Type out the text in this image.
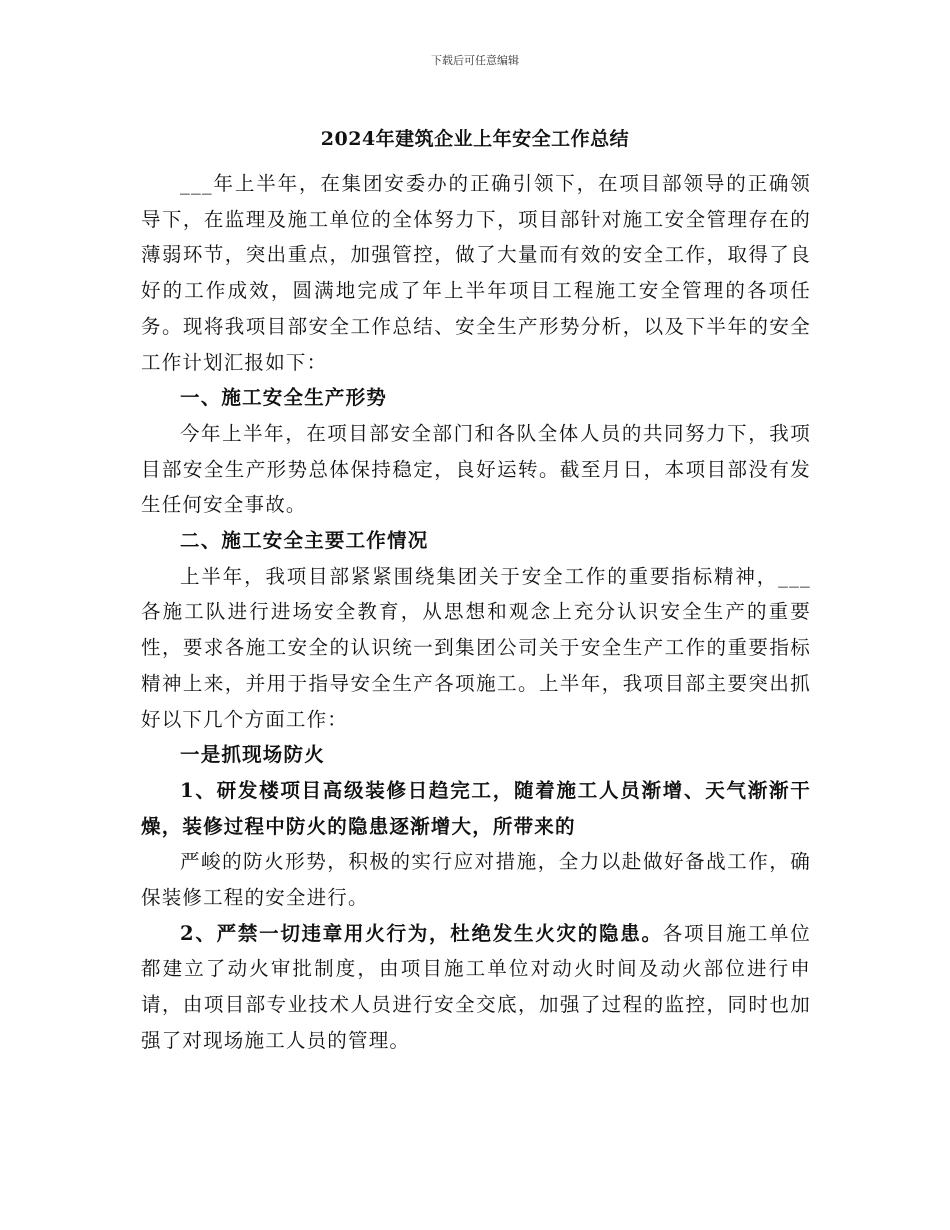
下载后可任意编辑
2024年建筑企业上年安全工作总结

___年上半年，在集团安委办的正确引领下，在项目部领导的正确领导下，在监理及施工单位的全体努力下，项目部针对施工安全管理存在的薄弱环节，突出重点，加强管控，做了大量而有效的安全工作，取得了良好的工作成效，圆满地完成了年上半年项目工程施工安全管理的各项任务。现将我项目部安全工作总结、安全生产形势分析，以及下半年的安全工作计划汇报如下：

一、施工安全生产形势

今年上半年，在项目部安全部门和各队全体人员的共同努力下，我项目部安全生产形势总体保持稳定，良好运转。截至月日，本项目部没有发生任何安全事故。

二、施工安全主要工作情况

上半年，我项目部紧紧围绕集团关于安全工作的重要指标精神，___各施工队进行进场安全教育，从思想和观念上充分认识安全生产的重要性，要求各施工安全的认识统一到集团公司关于安全生产工作的重要指标精神上来，并用于指导安全生产各项施工。上半年，我项目部主要突出抓好以下几个方面工作：

一是抓现场防火

1、研发楼项目高级装修日趋完工，随着施工人员渐增、天气渐渐干燥，装修过程中防火的隐患逐渐增大，所带来的

严峻的防火形势，积极的实行应对措施，全力以赴做好备战工作，确保装修工程的安全进行。

2、严禁一切违章用火行为，杜绝发生火灾的隐患。各项目施工单位都建立了动火审批制度，由项目施工单位对动火时间及动火部位进行申请，由项目部专业技术人员进行安全交底，加强了过程的监控，同时也加强了对现场施工人员的管理。
